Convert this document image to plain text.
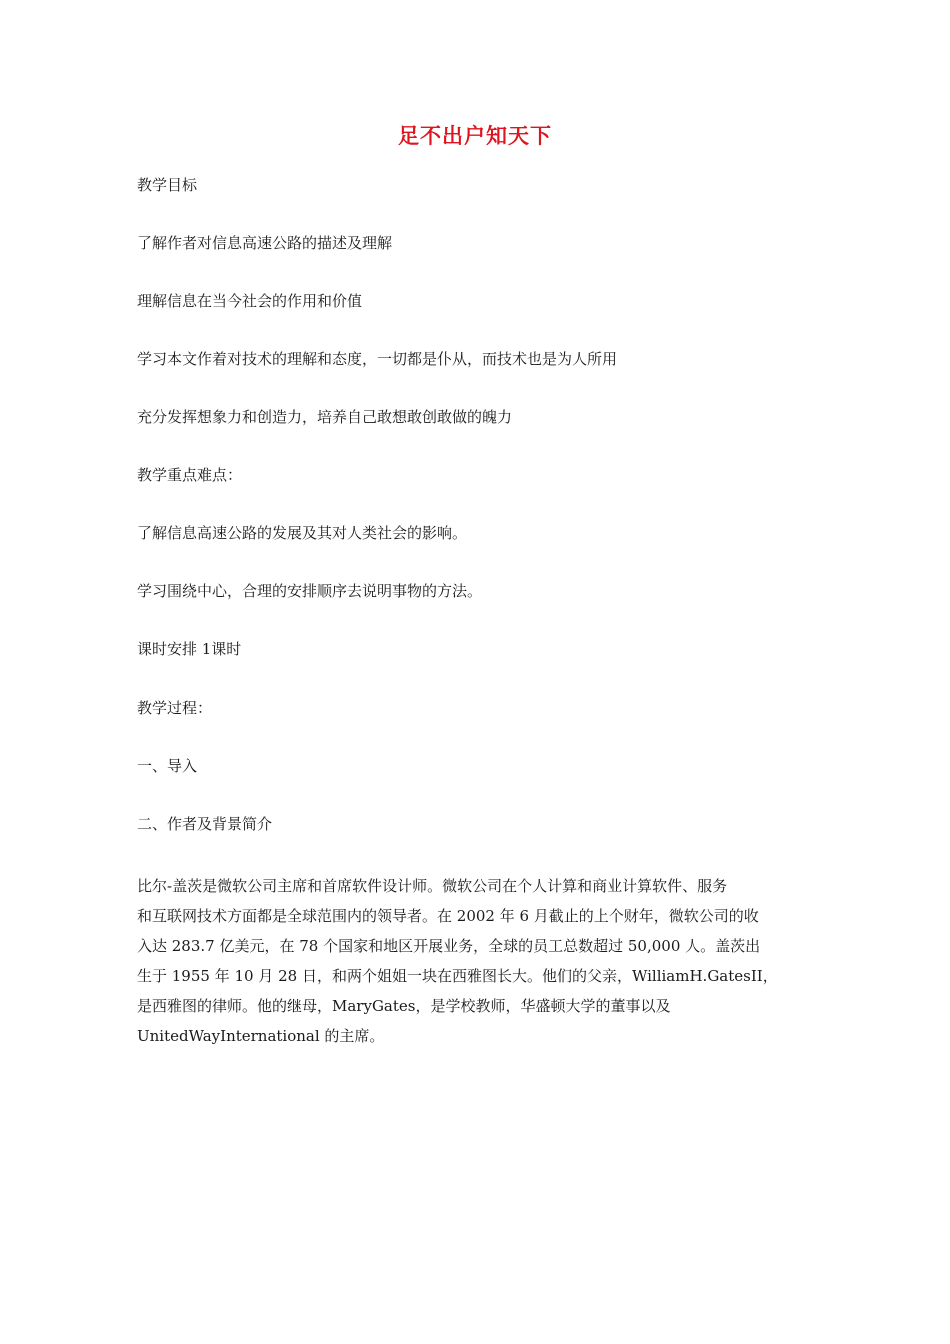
足不出户知天下

教学目标

了解作者对信息高速公路的描述及理解

理解信息在当今社会的作用和价值

学习本文作着对技术的理解和态度，一切都是仆从，而技术也是为人所用

充分发挥想象力和创造力，培养自己敢想敢创敢做的魄力

教学重点难点：

了解信息高速公路的发展及其对人类社会的影响。

学习围绕中心，合理的安排顺序去说明事物的方法。

课时安排 1课时

教学过程：

一、导入

二、作者及背景简介

比尔-盖茨是微软公司主席和首席软件设计师。微软公司在个人计算和商业计算软件、服务
和互联网技术方面都是全球范围内的领导者。在 2002 年 6 月截止的上个财年，微软公司的收
入达 283.7 亿美元，在 78 个国家和地区开展业务，全球的员工总数超过 50,000 人。盖茨出
生于 1955 年 10 月 28 日，和两个姐姐一块在西雅图长大。他们的父亲，WilliamH.GatesII，
是西雅图的律师。他的继母，MaryGates，是学校教师，华盛顿大学的董事以及
UnitedWayInternational 的主席。
